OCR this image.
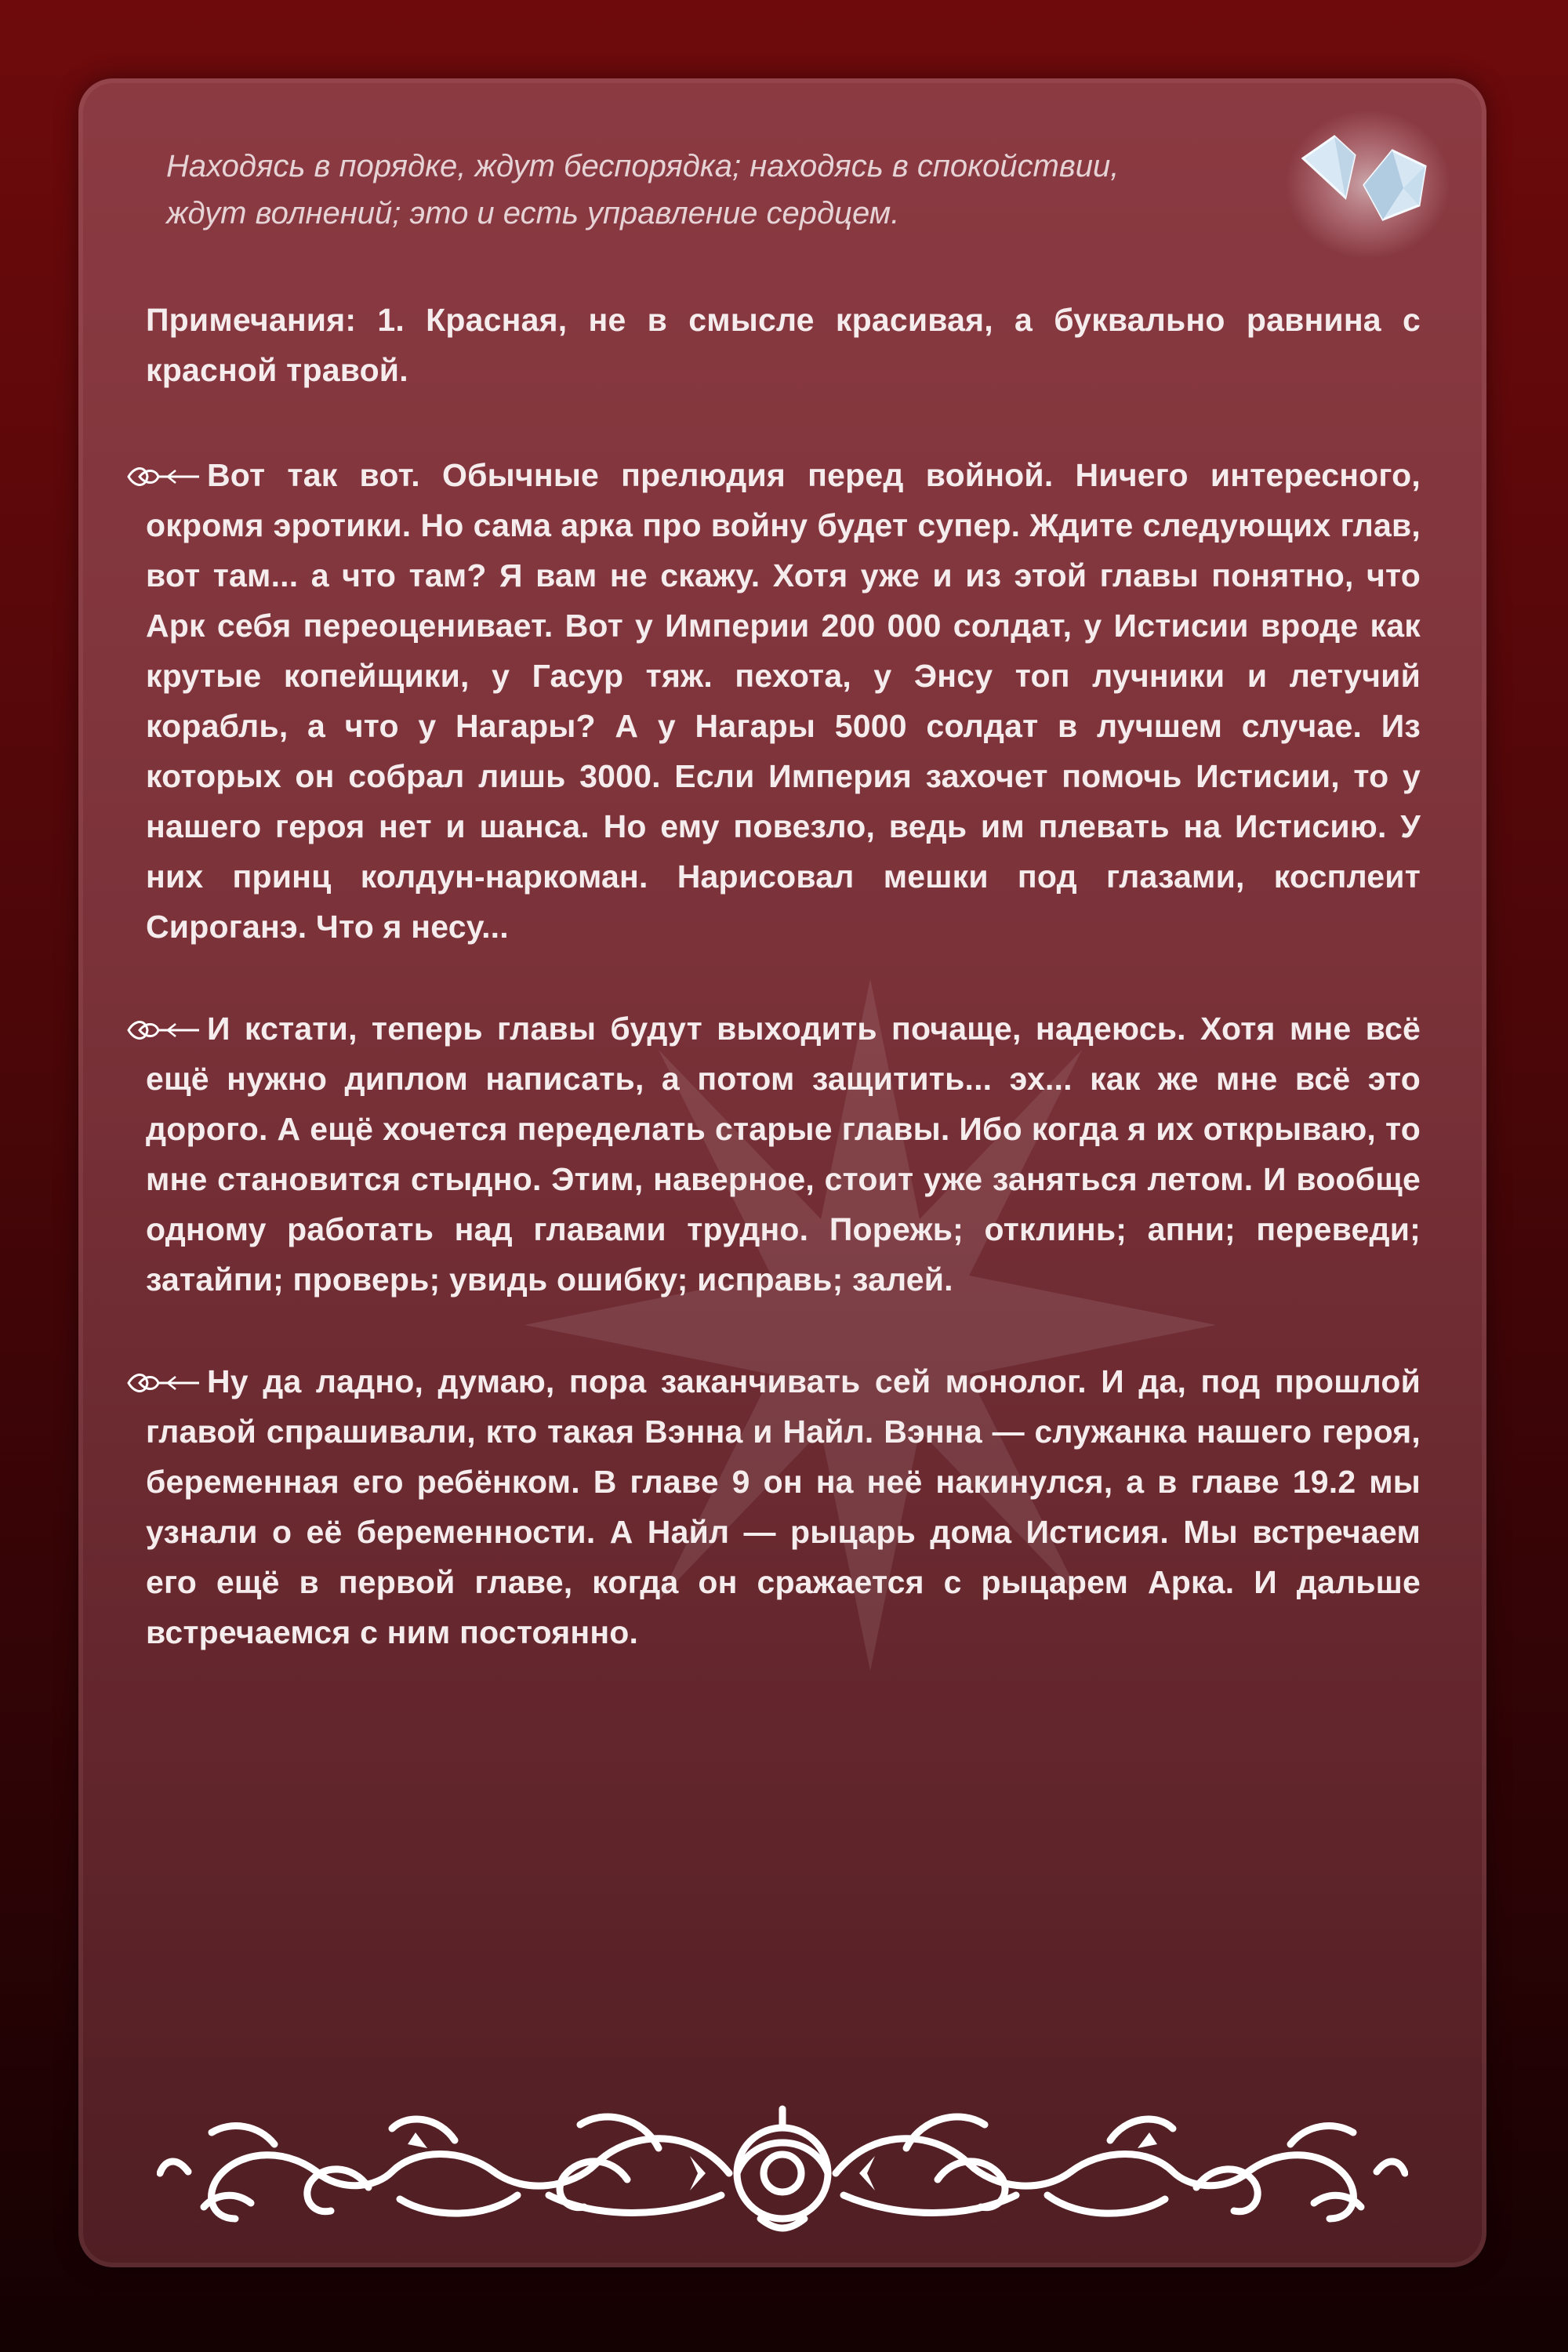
Находясь в порядке, ждут беспорядка; находясь в спокойствии,
ждут волнений; это и есть управление сердцем.
Примечания: 1. Красная, не в смысле красивая, а буквально равнина с красной травой.
Вот так вот. Обычные прелюдия перед войной. Ничего интересного, окромя эротики. Но сама арка про войну будет супер. Ждите следующих глав, вот там... а что там? Я вам не скажу. Хотя уже и из этой главы понятно, что Арк себя переоценивает. Вот у Империи 200 000 солдат, у Истисии вроде как крутые копейщики, у Гасур тяж. пехота, у Энсу топ лучники и летучий корабль, а что у Нагары? А у Нагары 5000 солдат в лучшем случае. Из которых он собрал лишь 3000. Если Империя захочет помочь Истисии, то у нашего героя нет и шанса. Но ему повезло, ведь им плевать на Истисию. У них принц колдун-наркоман. Нарисовал мешки под глазами, косплеит Сироганэ. Что я несу...
И кстати, теперь главы будут выходить почаще, надеюсь. Хотя мне всё ещё нужно диплом написать, а потом защитить... эх... как же мне всё это дорого. А ещё хочется переделать старые главы. Ибо когда я их открываю, то мне становится стыдно. Этим, наверное, стоит уже заняться летом. И вообще одному работать над главами трудно. Порежь; отклинь; апни; переведи; затайпи; проверь; увидь ошибку; исправь; залей.
Ну да ладно, думаю, пора заканчивать сей монолог. И да, под прошлой главой спрашивали, кто такая Вэнна и Найл. Вэнна — служанка нашего героя, беременная его ребёнком. В главе 9 он на неё накинулся, а в главе 19.2 мы узнали о её беременности. А Найл — рыцарь дома Истисия. Мы встречаем его ещё в первой главе, когда он сражается с рыцарем Арка. И дальше встречаемся с ним постоянно.
